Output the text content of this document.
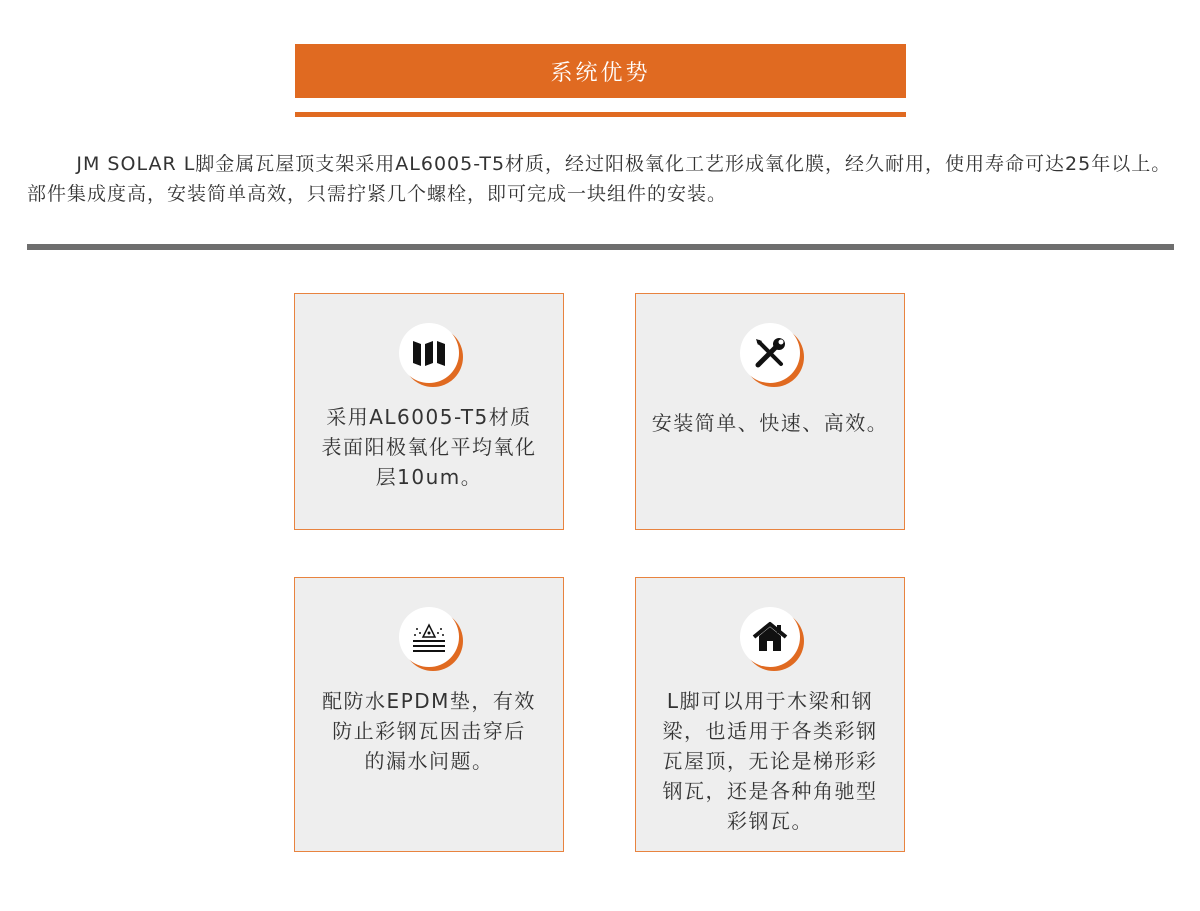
系统优势

JM SOLAR L脚金属瓦屋顶支架采用AL6005-T5材质，经过阳极氧化工艺形成氧化膜，经久耐用，使用寿命可达25年以上。部件集成度高，安装简单高效，只需拧紧几个螺栓，即可完成一块组件的安装。

采用AL6005-T5材质
表面阳极氧化平均氧化
层10um。

安装简单、快速、高效。

配防水EPDM垫，有效
防止彩钢瓦因击穿后
的漏水问题。

L脚可以用于木梁和钢
梁，也适用于各类彩钢
瓦屋顶，无论是梯形彩
钢瓦，还是各种角驰型
彩钢瓦。
